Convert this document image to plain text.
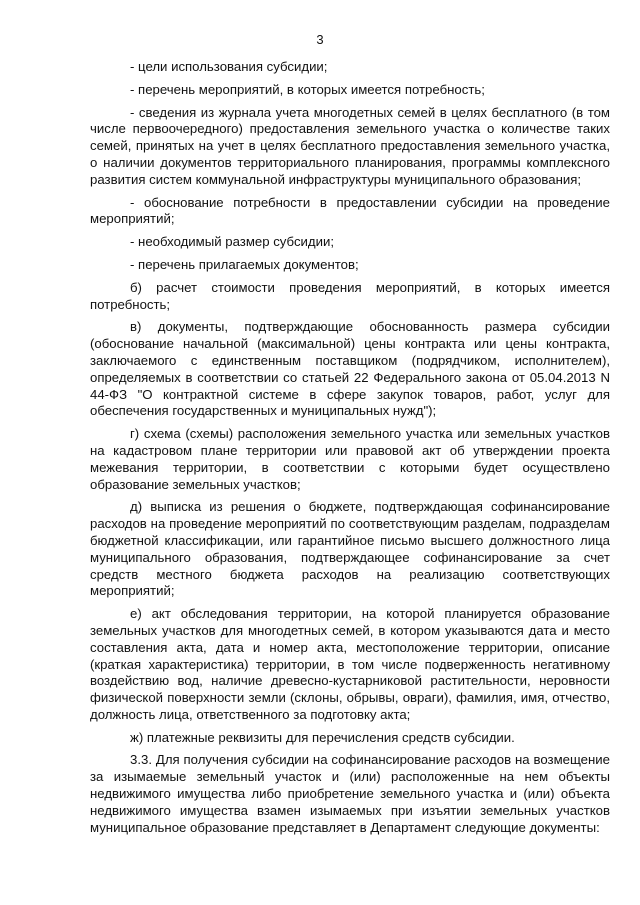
3

- цели использования субсидии;

- перечень мероприятий, в которых имеется потребность;

- сведения из журнала учета многодетных семей в целях бесплатного (в том числе первоочередного) предоставления земельного участка о количестве таких семей, принятых на учет в целях бесплатного предоставления земельного участка, о наличии документов территориального планирования, программы комплексного развития систем коммунальной инфраструктуры муниципального образования;

- обоснование потребности в предоставлении субсидии на проведение мероприятий;

- необходимый размер субсидии;

- перечень прилагаемых документов;

б) расчет стоимости проведения мероприятий, в которых имеется потребность;

в) документы, подтверждающие обоснованность размера субсидии (обоснование начальной (максимальной) цены контракта или цены контракта, заключаемого с единственным поставщиком (подрядчиком, исполнителем), определяемых в соответствии со статьей 22 Федерального закона от 05.04.2013 N 44-ФЗ "О контрактной системе в сфере закупок товаров, работ, услуг для обеспечения государственных и муниципальных нужд");

г) схема (схемы) расположения земельного участка или земельных участков на кадастровом плане территории или правовой акт об утверждении проекта межевания территории, в соответствии с которыми будет осуществлено образование земельных участков;

д) выписка из решения о бюджете, подтверждающая софинансирование расходов на проведение мероприятий по соответствующим разделам, подразделам бюджетной классификации, или гарантийное письмо высшего должностного лица муниципального образования, подтверждающее софинансирование за счет средств местного бюджета расходов на реализацию соответствующих мероприятий;

е) акт обследования территории, на которой планируется образование земельных участков для многодетных семей, в котором указываются дата и место составления акта, дата и номер акта, местоположение территории, описание (краткая характеристика) территории, в том числе подверженность негативному воздействию вод, наличие древесно-кустарниковой растительности, неровности физической поверхности земли (склоны, обрывы, овраги), фамилия, имя, отчество, должность лица, ответственного за подготовку акта;

ж) платежные реквизиты для перечисления средств субсидии.

3.3. Для получения субсидии на софинансирование расходов на возмещение за изымаемые земельный участок и (или) расположенные на нем объекты недвижимого имущества либо приобретение земельного участка и (или) объекта недвижимого имущества взамен изымаемых при изъятии земельных участков муниципальное образование представляет в Департамент следующие документы:
